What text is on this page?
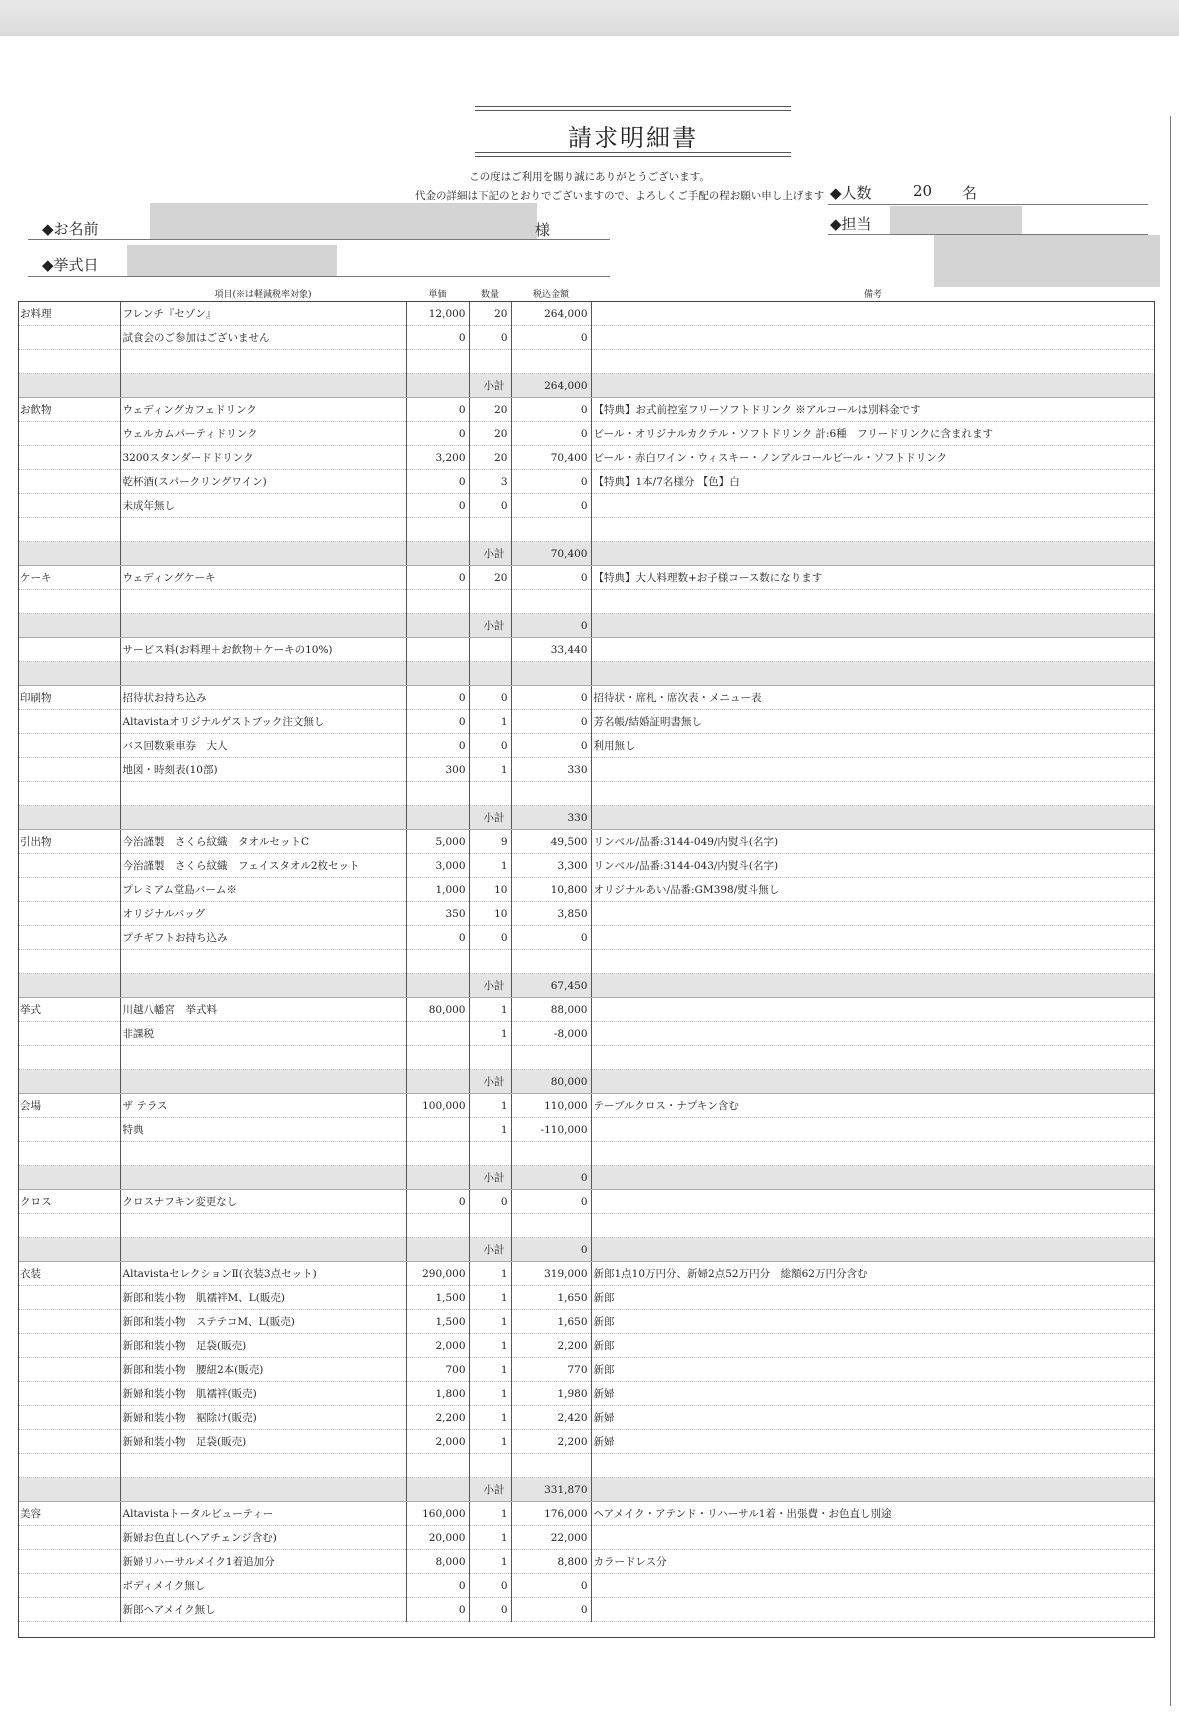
請求明細書
この度はご利用を賜り誠にありがとうございます。
代金の詳細は下記のとおりでございますので、よろしくご手配の程お願い申し上げます ◆人数	20 名
◆お名前	様	◆担当
◆挙式日
	項目(※は軽減税率対象)	単価	数量	税込金額	備考
お料理	フレンチ『セゾン』	12,000	20	264,000	
	試食会のご参加はございません	0	0	0	

			小計	264,000	
お飲物	ウェディングカフェドリンク	0	20	0	【特典】お式前控室フリーソフトドリンク ※アルコールは別料金です
	ウェルカムパーティドリンク	0	20	0	ビール・オリジナルカクテル・ソフトドリンク 計:6種　フリードリンクに含まれます
	3200スタンダードドリンク	3,200	20	70,400	ビール・赤白ワイン・ウィスキー・ノンアルコールビール・ソフトドリンク
	乾杯酒(スパークリングワイン)	0	3	0	【特典】1本/7名様分 【色】白
	未成年無し	0	0	0	

			小計	70,400	
ケーキ	ウェディングケーキ	0	20	0	【特典】大人料理数+お子様コース数になります

			小計	0	
	サービス料(お料理＋お飲物＋ケーキの10%)			33,440	

印刷物	招待状お持ち込み	0	0	0	招待状・席札・席次表・メニュー表
	Altavistaオリジナルゲストブック注文無し	0	1	0	芳名帳/結婚証明書無し
	バス回数乗車券　大人	0	0	0	利用無し
	地図・時刻表(10部)	300	1	330	

			小計	330	
引出物	今治謹製　さくら紋織　タオルセットC	5,000	9	49,500	リンベル/品番:3144-049/内熨斗(名字)
	今治謹製　さくら紋織　フェイスタオル2枚セット	3,000	1	3,300	リンベル/品番:3144-043/内熨斗(名字)
	プレミアム堂島バーム※	1,000	10	10,800	オリジナルあい/品番:GM398/熨斗無し
	オリジナルバッグ	350	10	3,850	
	プチギフトお持ち込み	0	0	0	

			小計	67,450	
挙式	川越八幡宮　挙式料	80,000	1	88,000	
	非課税		1	-8,000	

			小計	80,000	
会場	ザ テラス	100,000	1	110,000	テーブルクロス・ナプキン含む
	特典		1	-110,000	

			小計	0	
クロス	クロスナフキン変更なし	0	0	0	

			小計	0	
衣装	AltavistaセレクションⅡ(衣装3点セット)	290,000	1	319,000	新郎1点10万円分、新婦2点52万円分　総額62万円分含む
	新郎和装小物　肌襦袢M、L(販売)	1,500	1	1,650	新郎
	新郎和装小物　ステテコM、L(販売)	1,500	1	1,650	新郎
	新郎和装小物　足袋(販売)	2,000	1	2,200	新郎
	新郎和装小物　腰紐2本(販売)	700	1	770	新郎
	新婦和装小物　肌襦袢(販売)	1,800	1	1,980	新婦
	新婦和装小物　裾除け(販売)	2,200	1	2,420	新婦
	新婦和装小物　足袋(販売)	2,000	1	2,200	新婦

			小計	331,870	
美容	Altavistaトータルビューティー	160,000	1	176,000	ヘアメイク・アテンド・リハーサル1着・出張費・お色直し別途
	新婦お色直し(ヘアチェンジ含む)	20,000	1	22,000	
	新婦リハーサルメイク1着追加分	8,000	1	8,800	カラードレス分
	ボディメイク無し	0	0	0	
	新郎ヘアメイク無し	0	0	0	
